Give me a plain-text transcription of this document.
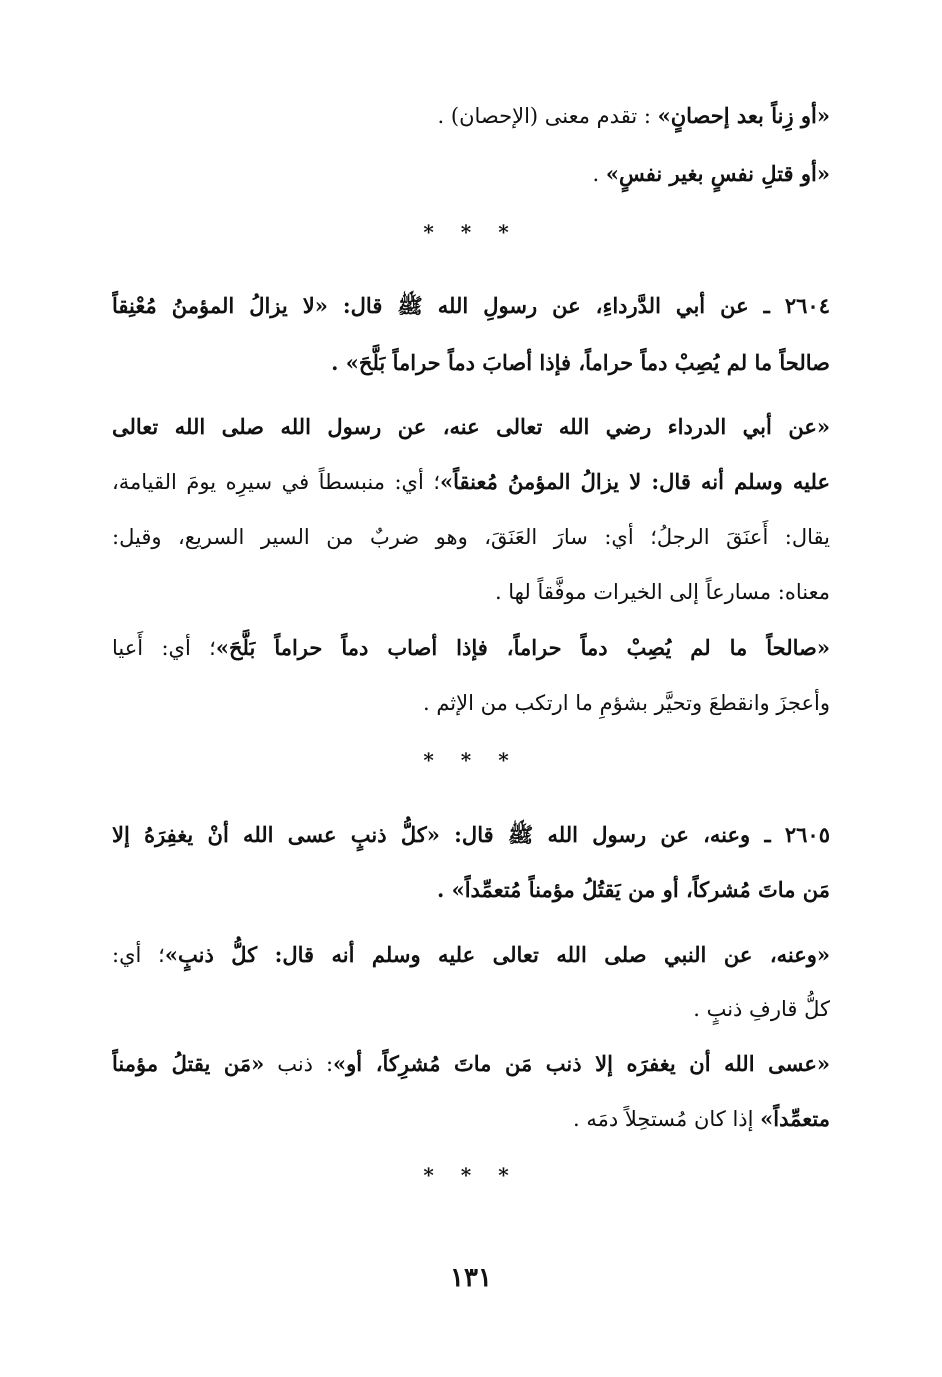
«أو زِناً بعد إحصانٍ» : تقدم معنى (الإحصان) .
«أو قتلِ نفسٍ بغير نفسٍ» .
* * *
٢٦٠٤ ـ عن أبي الدَّرداءِ، عن رسولِ الله ﷺ قال: «لا يزالُ المؤمنُ مُعْنِقاً
صالحاً ما لم يُصِبْ دماً حراماً، فإذا أصابَ دماً حراماً بَلَّحَ» .
«عن أبي الدرداء رضي الله تعالى عنه، عن رسول الله صلى الله تعالى
عليه وسلم أنه قال: لا يزالُ المؤمنُ مُعنقاً»؛ أي: منبسطاً في سيرِه يومَ القيامة،
يقال: أَعنَقَ الرجلُ؛ أي: سارَ العَنَقَ، وهو ضربٌ من السير السريع، وقيل:
معناه: مسارعاً إلى الخيرات موفَّقاً لها .
«صالحاً ما لم يُصِبْ دماً حراماً، فإذا أصاب دماً حراماً بَلَّحَ»؛ أي: أَعيا
وأعجزَ وانقطعَ وتحيَّر بشؤمِ ما ارتكب من الإثم .
* * *
٢٦٠٥ ـ وعنه، عن رسول الله ﷺ قال: «كلُّ ذنبٍ عسى الله أنْ يغفِرَهُ إلا
مَن ماتَ مُشركاً، أو من يَقتُلُ مؤمناً مُتعمِّداً» .
«وعنه، عن النبي صلى الله تعالى عليه وسلم أنه قال: كلُّ ذنبٍ»؛ أي:
كلُّ قارفِ ذنبٍ .
«عسى الله أن يغفرَه إلا ذنب مَن ماتَ مُشرِكاً، أو»: ذنب «مَن يقتلُ مؤمناً
متعمِّداً» إذا كان مُستحِلاً دمَه .
* * *
١٣١
